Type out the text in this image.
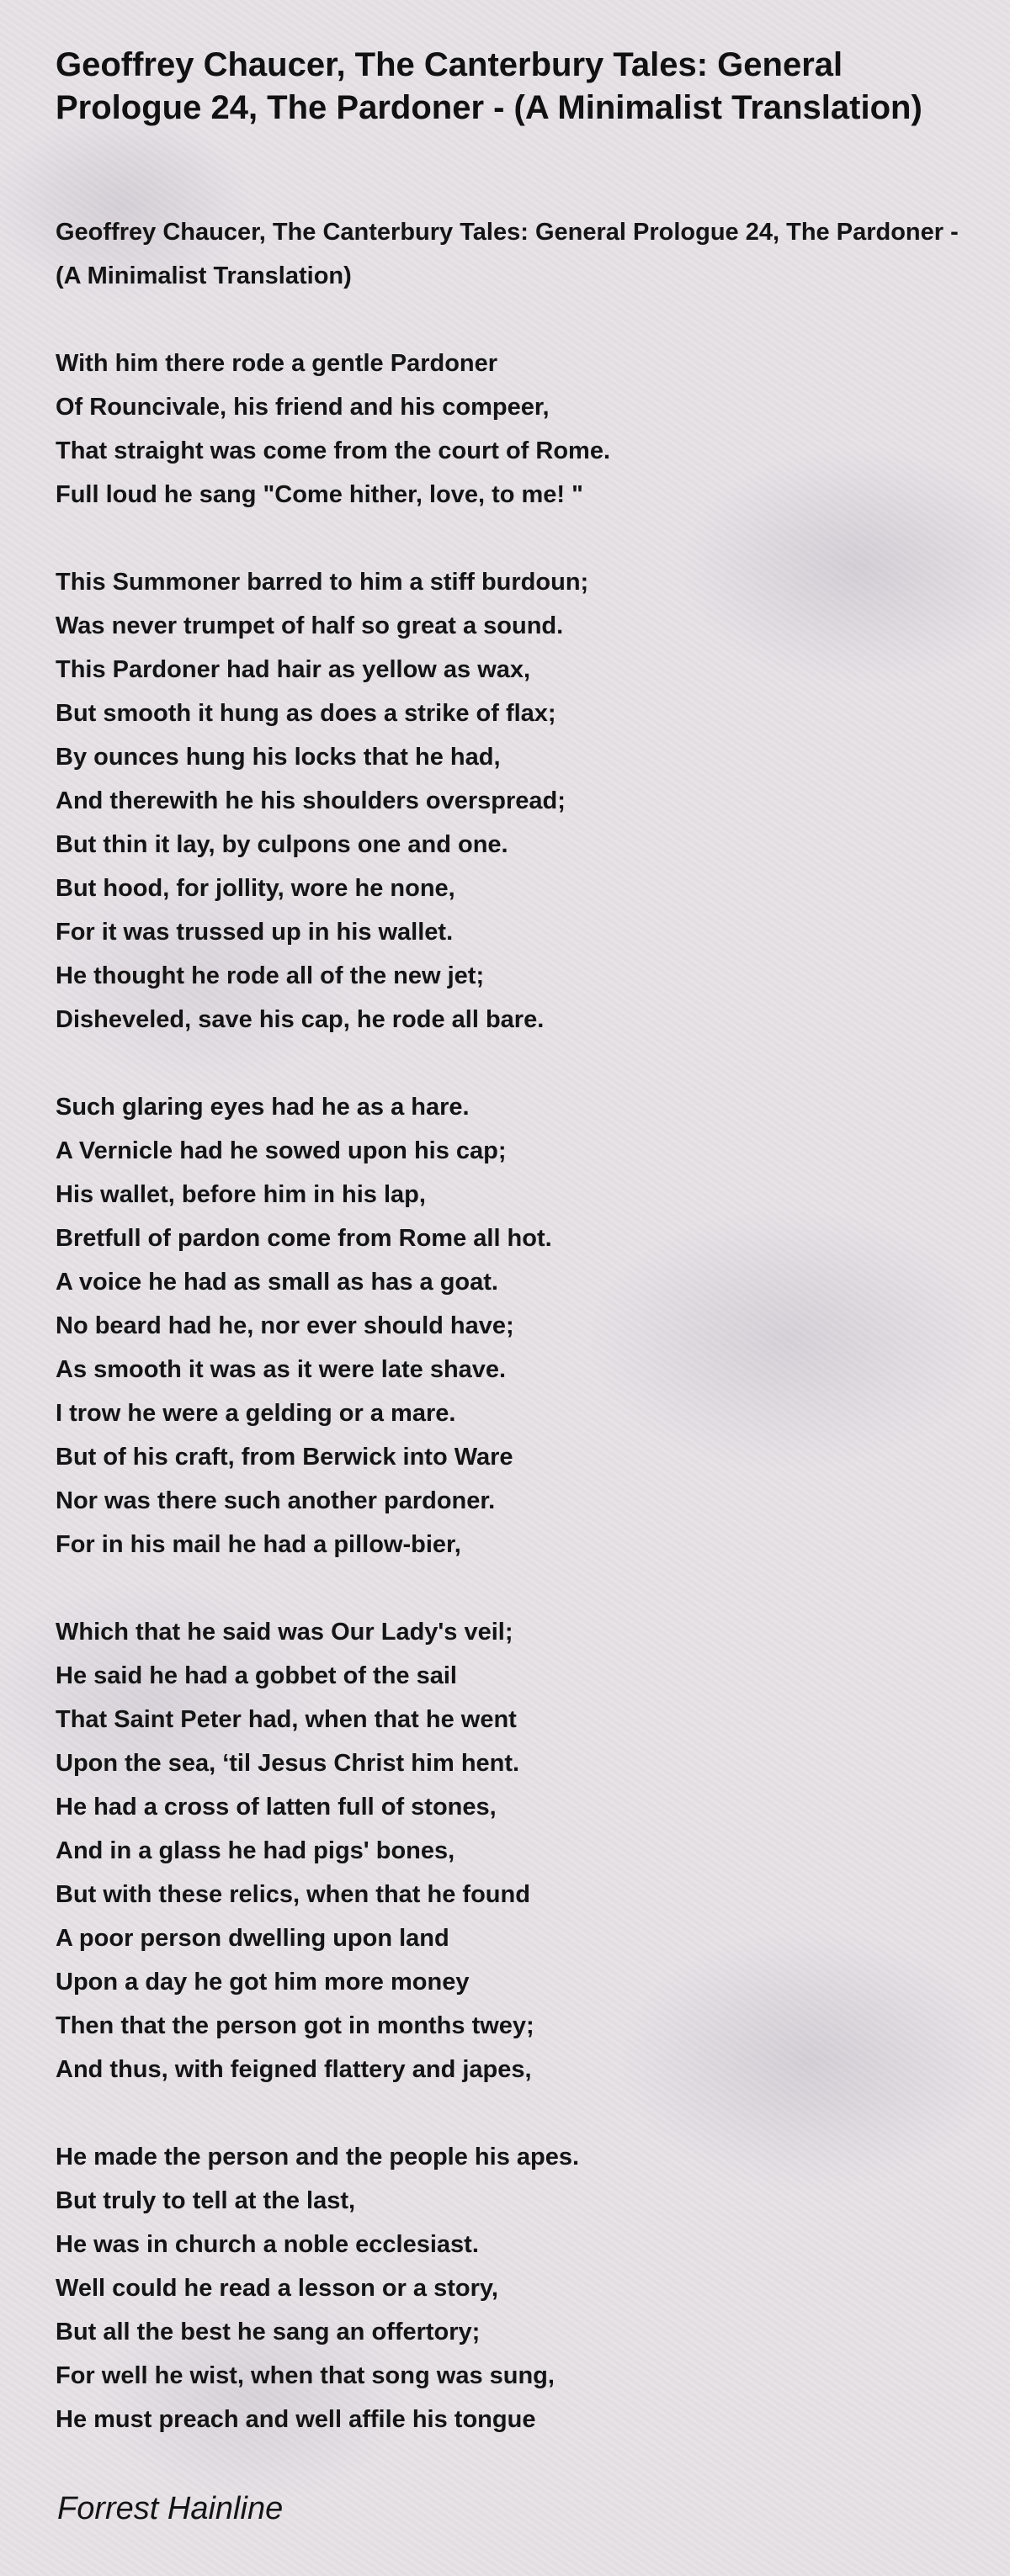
Geoffrey Chaucer, The Canterbury Tales: General Prologue 24, The Pardoner - (A Minimalist Translation)
Geoffrey Chaucer, The Canterbury Tales: General Prologue 24, The Pardoner - (A Minimalist Translation)
With him there rode a gentle Pardoner
Of Rouncivale, his friend and his compeer,
That straight was come from the court of Rome.
Full loud he sang "Come hither, love, to me! "
This Summoner barred to him a stiff burdoun;
Was never trumpet of half so great a sound.
This Pardoner had hair as yellow as wax,
But smooth it hung as does a strike of flax;
By ounces hung his locks that he had,
And therewith he his shoulders overspread;
But thin it lay, by culpons one and one.
But hood, for jollity, wore he none,
For it was trussed up in his wallet.
He thought he rode all of the new jet;
Disheveled, save his cap, he rode all bare.
Such glaring eyes had he as a hare.
A Vernicle had he sowed upon his cap;
His wallet, before him in his lap,
Bretfull of pardon come from Rome all hot.
A voice he had as small as has a goat.
No beard had he, nor ever should have;
As smooth it was as it were late shave.
I trow he were a gelding or a mare.
But of his craft, from Berwick into Ware
Nor was there such another pardoner.
For in his mail he had a pillow-bier,
Which that he said was Our Lady's veil;
He said he had a gobbet of the sail
That Saint Peter had, when that he went
Upon the sea, ‘til Jesus Christ him hent.
He had a cross of latten full of stones,
And in a glass he had pigs' bones,
But with these relics, when that he found
A poor person dwelling upon land
Upon a day he got him more money
Then that the person got in months twey;
And thus, with feigned flattery and japes,
He made the person and the people his apes.
But truly to tell at the last,
He was in church a noble ecclesiast.
Well could he read a lesson or a story,
But all the best he sang an offertory;
For well he wist, when that song was sung,
He must preach and well affile his tongue
Forrest Hainline
